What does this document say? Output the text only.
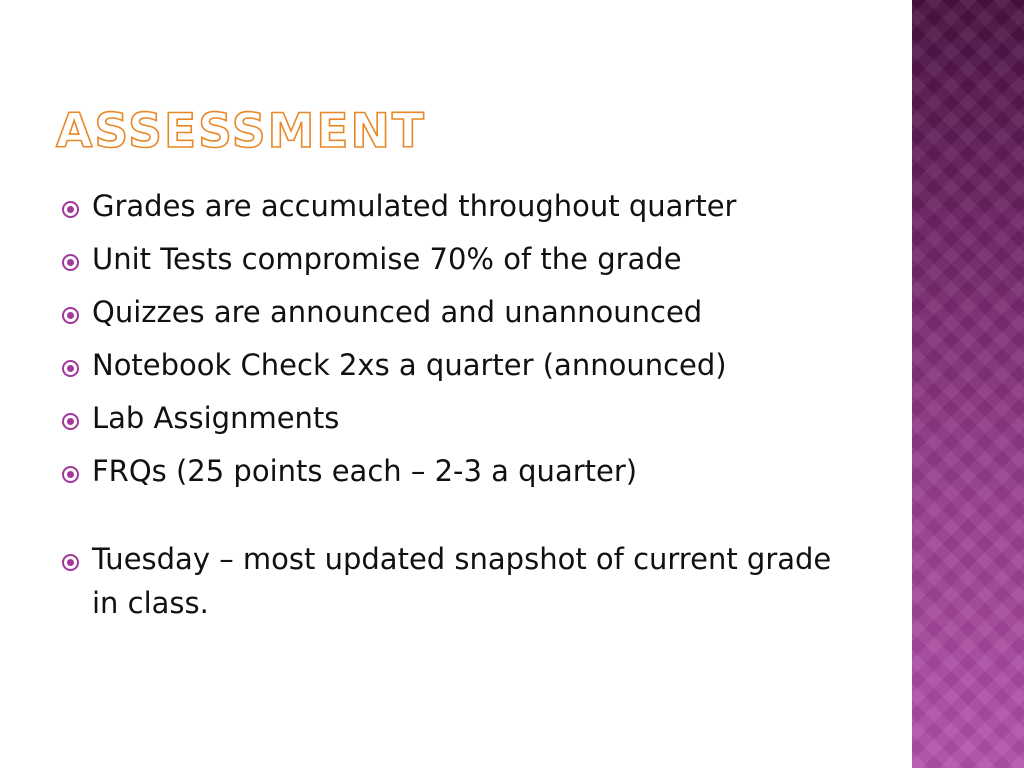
ASSESSMENT
Grades are accumulated throughout quarter
Unit Tests compromise 70% of the grade
Quizzes are announced and unannounced
Notebook Check 2xs a quarter (announced)
Lab Assignments
FRQs (25 points each – 2-3 a quarter)
Tuesday – most updated snapshot of current grade in class.
